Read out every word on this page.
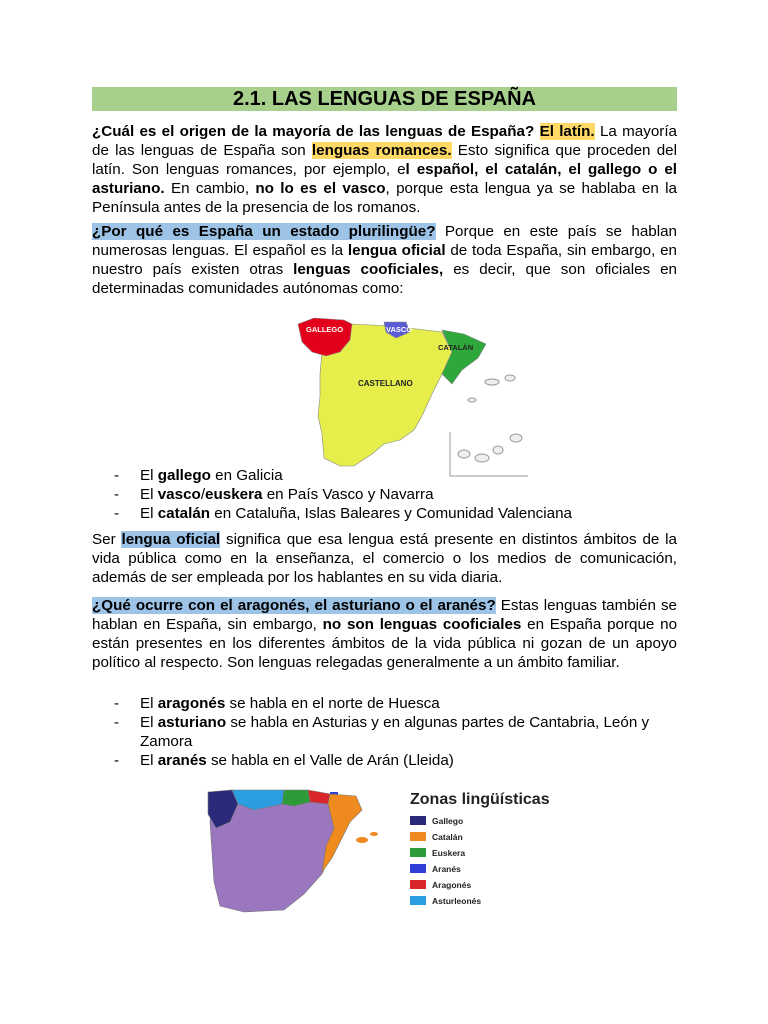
2.1. LAS LENGUAS DE ESPAÑA

¿Cuál es el origen de la mayoría de las lenguas de España? El latín. La mayoría de las lenguas de España son lenguas romances. Esto significa que proceden del latín. Son lenguas romances, por ejemplo, el español, el catalán, el gallego o el asturiano. En cambio, no lo es el vasco, porque esta lengua ya se hablaba en la Península antes de la presencia de los romanos.

¿Por qué es España un estado plurilingüe? Porque en este país se hablan numerosas lenguas. El español es la lengua oficial de toda España, sin embargo, en nuestro país existen otras lenguas cooficiales, es decir, que son oficiales en determinadas comunidades autónomas como:

GALLEGO	VASCO
CATALÁN
CASTELLANO
- El gallego en Galicia
- El vasco/euskera en País Vasco y Navarra
- El catalán en Cataluña, Islas Baleares y Comunidad Valenciana

Ser lengua oficial significa que esa lengua está presente en distintos ámbitos de la vida pública como en la enseñanza, el comercio o los medios de comunicación, además de ser empleada por los hablantes en su vida diaria.

¿Qué ocurre con el aragonés, el asturiano o el aranés? Estas lenguas también se hablan en España, sin embargo, no son lenguas cooficiales en España porque no están presentes en los diferentes ámbitos de la vida pública ni gozan de un apoyo político al respecto. Son lenguas relegadas generalmente a un ámbito familiar.

- El aragonés se habla en el norte de Huesca
- El asturiano se habla en Asturias y en algunas partes de Cantabria, León y Zamora
- El aranés se habla en el Valle de Arán (Lleida)
Zonas lingüísticas
Gallego
Catalán
Euskera
Aranés
Aragonés
Asturleonés
